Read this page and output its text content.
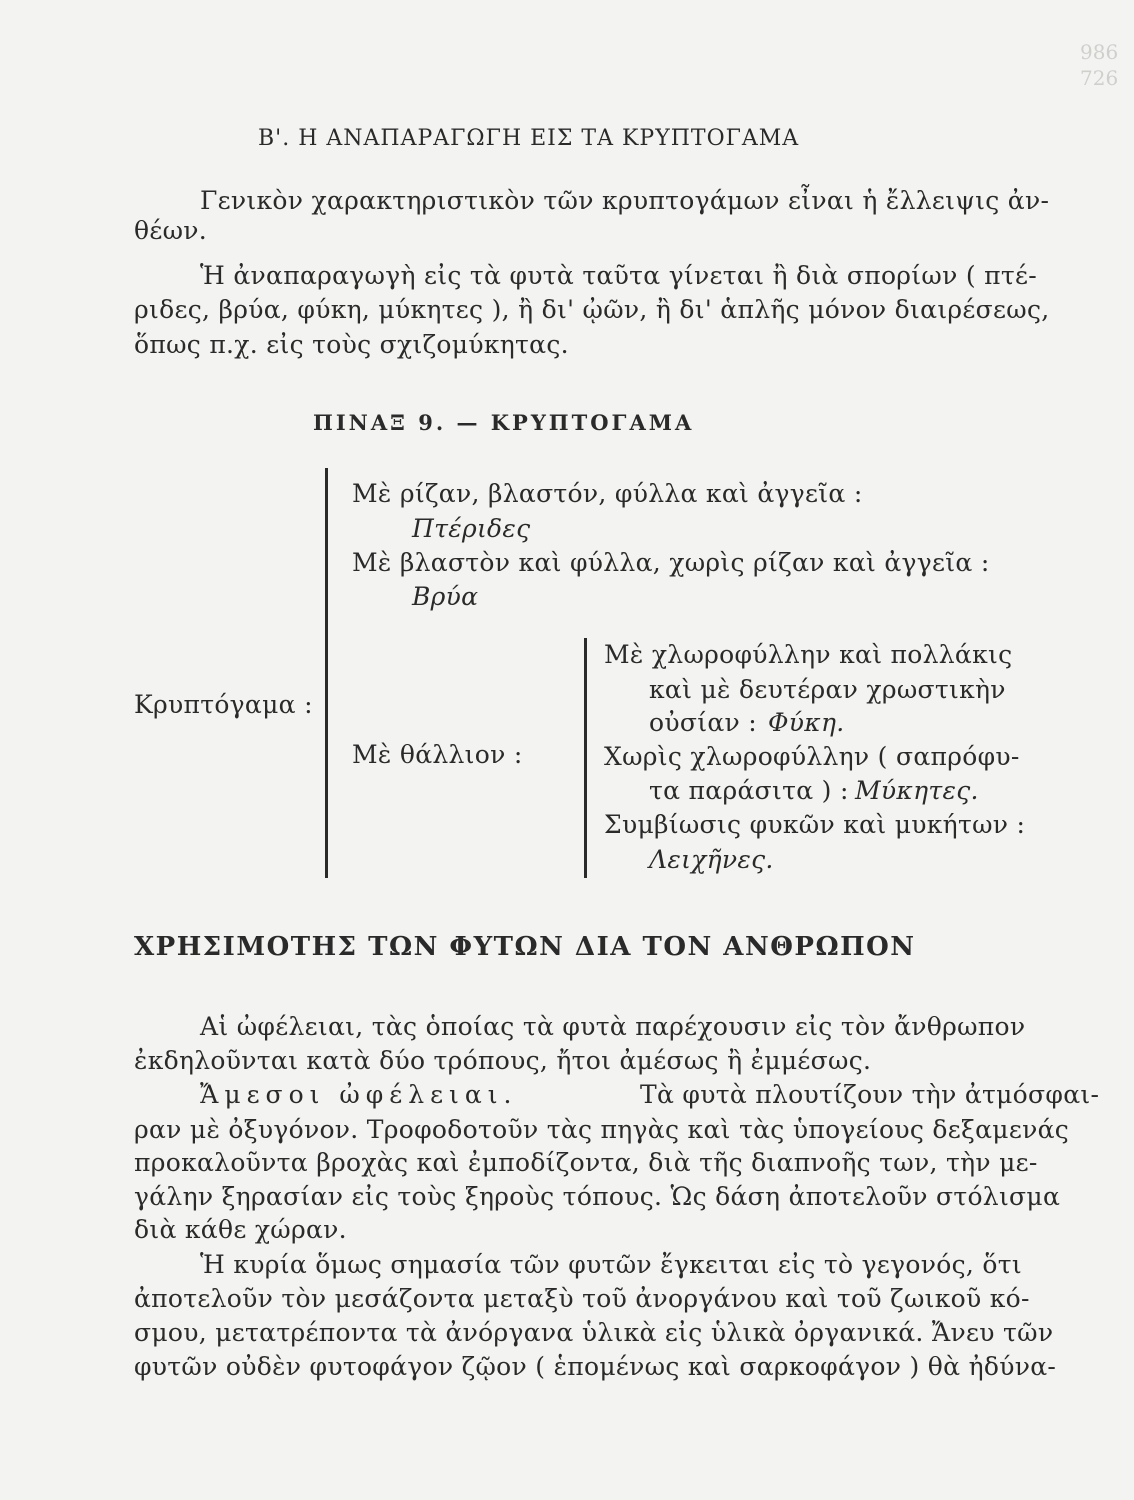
986
726
Β'. Η ΑΝΑΠΑΡΑΓΩΓΗ ΕΙΣ ΤΑ ΚΡΥΠΤΟΓΑΜΑ
Γενικὸν χαρακτηριστικὸν τῶν κρυπτογάμων εἶναι ἡ ἔλλειψις ἀν-
θέων.
Ἡ ἀναπαραγωγὴ εἰς τὰ φυτὰ ταῦτα γίνεται ἢ διὰ σπορίων ( πτέ-
ριδες, βρύα, φύκη, μύκητες ), ἢ δι' ᾠῶν, ἢ δι' ἁπλῆς μόνον διαιρέσεως,
ὅπως π.χ. εἰς τοὺς σχιζομύκητας.
ΠΙΝΑΞ 9. — ΚΡΥΠΤΟΓΑΜΑ
Κρυπτόγαμα :
Μὲ ρίζαν, βλαστόν, φύλλα καὶ ἀγγεῖα :
Πτέριδες
Μὲ βλαστὸν καὶ φύλλα, χωρὶς ρίζαν καὶ ἀγγεῖα :
Βρύα
Μὲ θάλλιον :
Μὲ χλωροφύλλην καὶ πολλάκις
καὶ μὲ δευτέραν χρωστικὴν
οὐσίαν : Φύκη.
Χωρὶς χλωροφύλλην ( σαπρόφυ-
τα παράσιτα ) : Μύκητες.
Συμβίωσις φυκῶν καὶ μυκήτων :
Λειχῆνες.
ΧΡΗΣΙΜΟΤΗΣ ΤΩΝ ΦΥΤΩΝ ΔΙΑ ΤΟΝ ΑΝΘΡΩΠΟΝ
Αἱ ὠφέλειαι, τὰς ὁποίας τὰ φυτὰ παρέχουσιν εἰς τὸν ἄνθρωπον
ἐκδηλοῦνται κατὰ δύο τρόπους, ἤτοι ἀμέσως ἢ ἐμμέσως.
Ἄμεσοι ὠφέλειαι.	Τὰ φυτὰ πλουτίζουν τὴν ἀτμόσφαι-
ραν μὲ ὀξυγόνον. Τροφοδοτοῦν τὰς πηγὰς καὶ τὰς ὑπογείους δεξαμενάς
προκαλοῦντα βροχὰς καὶ ἐμποδίζοντα, διὰ τῆς διαπνοῆς των, τὴν με-
γάλην ξηρασίαν εἰς τοὺς ξηροὺς τόπους. Ὡς δάση ἀποτελοῦν στόλισμα
διὰ κάθε χώραν.
Ἡ κυρία ὅμως σημασία τῶν φυτῶν ἔγκειται εἰς τὸ γεγονός, ὅτι
ἀποτελοῦν τὸν μεσάζοντα μεταξὺ τοῦ ἀνοργάνου καὶ τοῦ ζωικοῦ κό-
σμου, μετατρέποντα τὰ ἀνόργανα ὑλικὰ εἰς ὑλικὰ ὀργανικά. Ἄνευ τῶν
φυτῶν οὐδὲν φυτοφάγον ζῷον ( ἑπομένως καὶ σαρκοφάγον ) θὰ ἠδύνα-
